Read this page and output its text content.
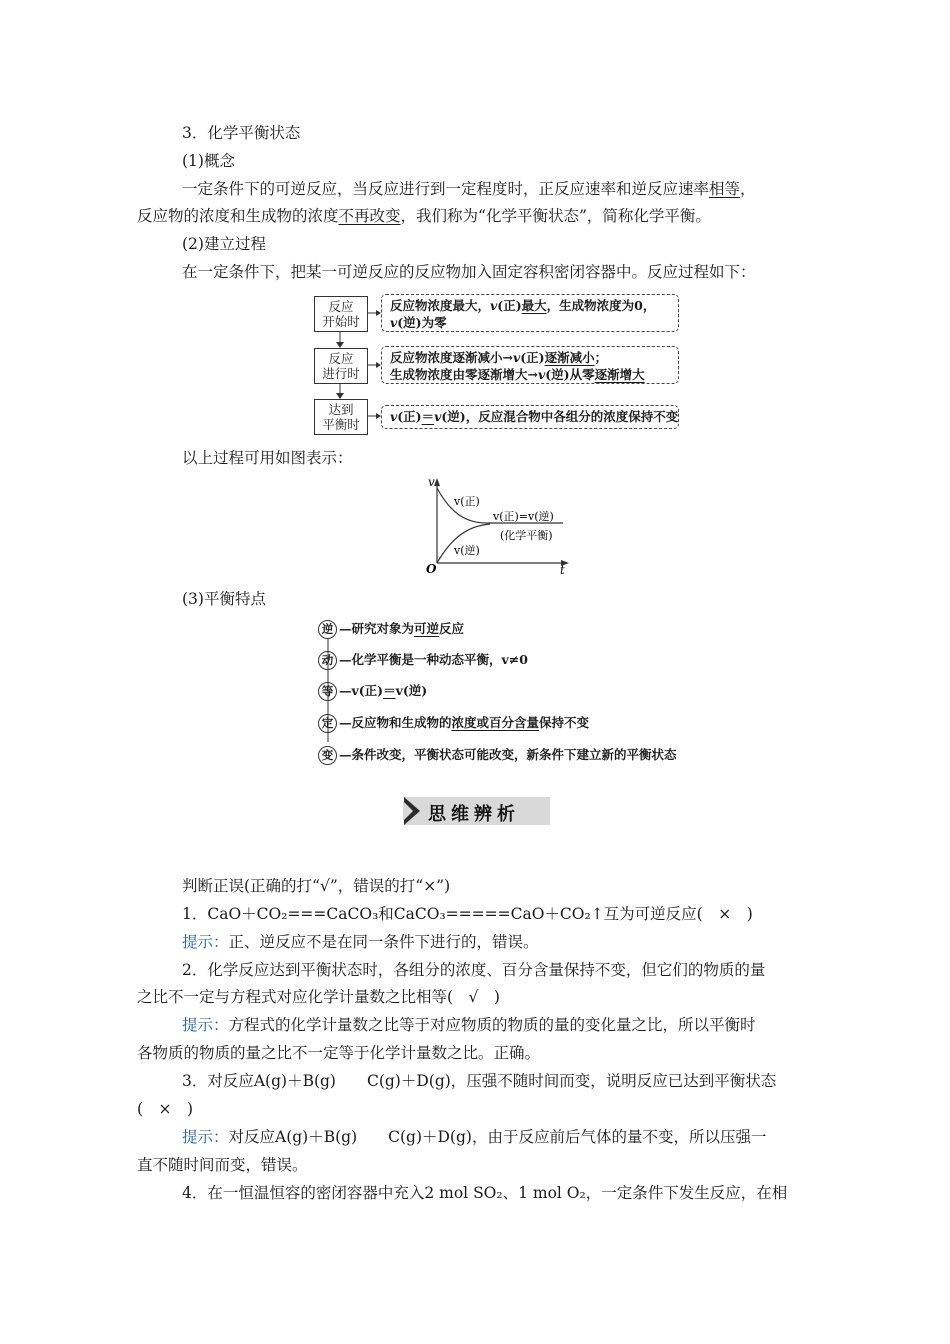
3．化学平衡状态
(1)概念
一定条件下的可逆反应，当反应进行到一定程度时，正反应速率和逆反应速率相等，
反应物的浓度和生成物的浓度不再改变，我们称为“化学平衡状态”，简称化学平衡。
(2)建立过程
在一定条件下，把某一可逆反应的反应物加入固定容积密闭容器中。反应过程如下：
反应
开始时
反应
进行时
达到
平衡时
反应物浓度最大，v(正)最大，生成物浓度为0，
v(逆)为零
反应物浓度逐渐减小→v(正)逐渐减小；
生成物浓度由零逐渐增大→v(逆)从零逐渐增大
v(正)＝v(逆)，反应混合物中各组分的浓度保持不变
以上过程可用如图表示：
v
t
O
v(正)
v(逆)
v(正)=v(逆)
(化学平衡)
(3)平衡特点
逆 —研究对象为可逆反应
动 —化学平衡是一种动态平衡，v≠0
等 —v(正)＝v(逆)
定 —反应物和生成物的浓度或百分含量保持不变
变 —条件改变，平衡状态可能改变，新条件下建立新的平衡状态
思维辨析
判断正误(正确的打“√”，错误的打“×”)
1．CaO＋CO₂===CaCO₃和CaCO₃=====CaO＋CO₂↑互为可逆反应(　×　)
提示：正、逆反应不是在同一条件下进行的，错误。
2．化学反应达到平衡状态时，各组分的浓度、百分含量保持不变，但它们的物质的量
之比不一定与方程式对应化学计量数之比相等(　√　)
提示：方程式的化学计量数之比等于对应物质的物质的量的变化量之比，所以平衡时
各物质的物质的量之比不一定等于化学计量数之比。正确。
3．对反应A(g)＋B(g)　　C(g)＋D(g)，压强不随时间而变，说明反应已达到平衡状态
(　×　)
提示：对反应A(g)＋B(g)　　C(g)＋D(g)，由于反应前后气体的量不变，所以压强一
直不随时间而变，错误。
4．在一恒温恒容的密闭容器中充入2 mol SO₂、1 mol O₂，一定条件下发生反应，在相
